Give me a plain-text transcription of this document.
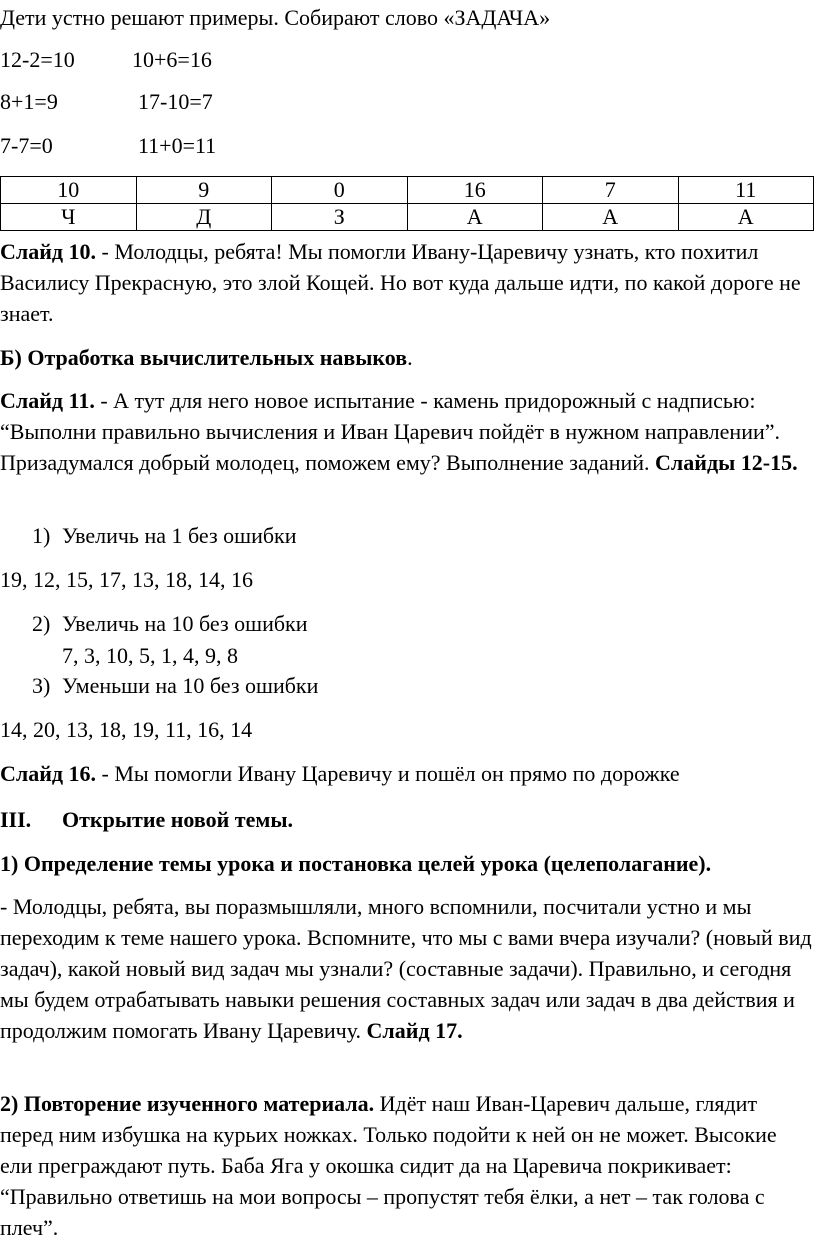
Дети устно решают примеры. Собирают слово «ЗАДАЧА»
12-2=10	10+6=16
8+1=9	17-10=7
7-7=0	11+0=11
10	9	0	16	7	11
Ч	Д	З	А	А	А
Слайд 10. - Молодцы, ребята! Мы помогли Ивану-Царевичу узнать, кто похитил Василису Прекрасную, это злой Кощей. Но вот куда дальше идти, по какой дороге не знает.
Б) Отработка вычислительных навыков.
Слайд 11. - А тут для него новое испытание - камень придорожный с надписью: “Выполни правильно вычисления и Иван Царевич пойдёт в нужном направлении”. Призадумался добрый молодец, поможем ему? Выполнение заданий. Слайды 12-15.
1) Увеличь на 1 без ошибки
19, 12, 15, 17, 13, 18, 14, 16
2) Увеличь на 10 без ошибки
7, 3, 10, 5, 1, 4, 9, 8
3) Уменьши на 10 без ошибки
14, 20, 13, 18, 19, 11, 16, 14
Слайд 16. - Мы помогли Ивану Царевичу и пошёл он прямо по дорожке
III. Открытие новой темы.
1) Определение темы урока и постановка целей урока (целеполагание).
- Молодцы, ребята, вы поразмышляли, много вспомнили, посчитали устно и мы переходим к теме нашего урока. Вспомните, что мы с вами вчера изучали? (новый вид задач), какой новый вид задач мы узнали? (составные задачи). Правильно, и сегодня мы будем отрабатывать навыки решения составных задач или задач в два действия и продолжим помогать Ивану Царевичу. Слайд 17.
2) Повторение изученного материала. Идёт наш Иван-Царевич дальше, глядит перед ним избушка на курьих ножках. Только подойти к ней он не может. Высокие ели преграждают путь. Баба Яга у окошка сидит да на Царевича покрикивает: “Правильно ответишь на мои вопросы – пропустят тебя ёлки, а нет – так голова с плеч”.
